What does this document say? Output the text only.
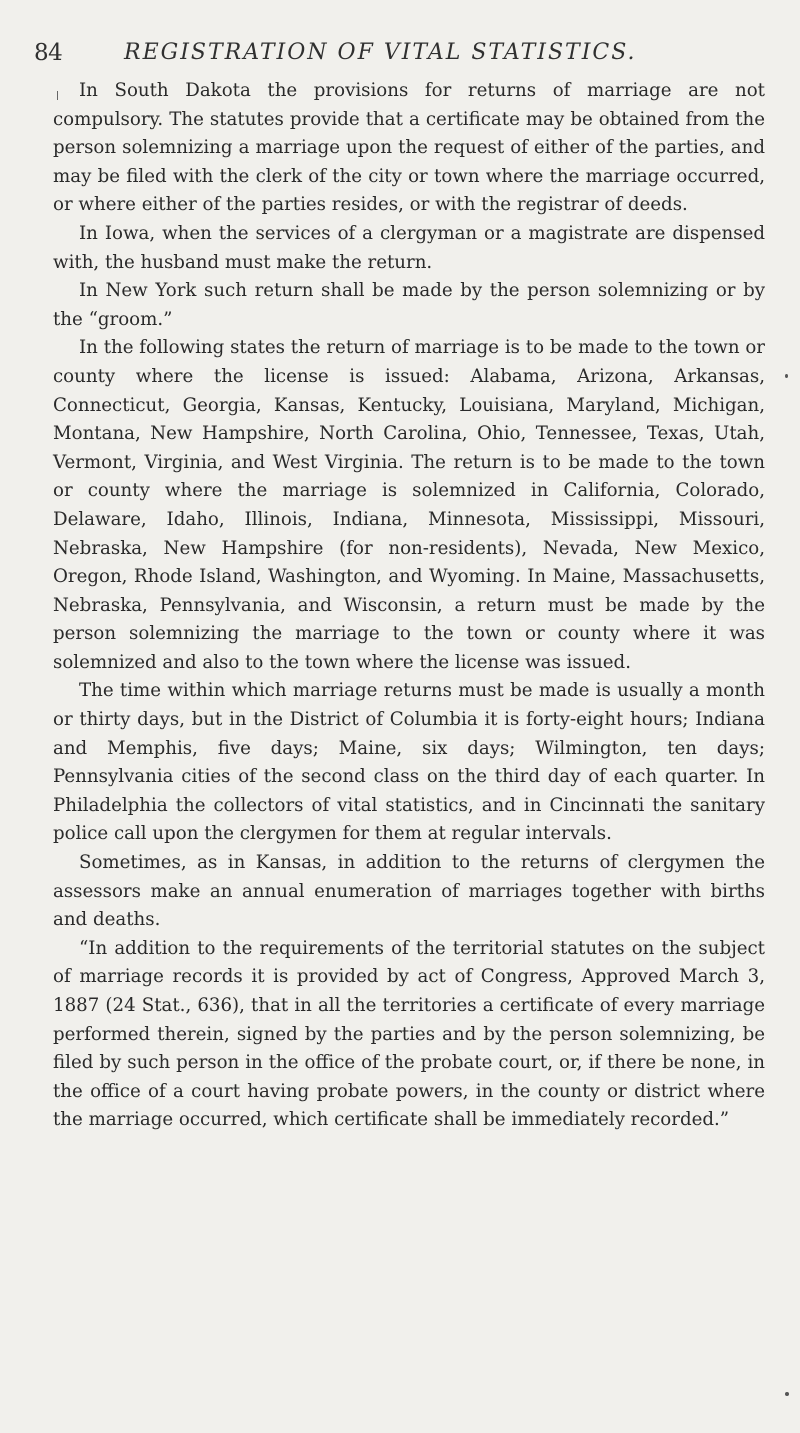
84	REGISTRATION OF VITAL STATISTICS.

In South Dakota the provisions for returns of marriage are not compulsory. The statutes provide that a certificate may be obtained from the person solemnizing a marriage upon the request of either of the parties, and may be filed with the clerk of the city or town where the marriage occurred, or where either of the parties resides, or with the registrar of deeds.

In Iowa, when the services of a clergyman or a magistrate are dispensed with, the husband must make the return.

In New York such return shall be made by the person solemnizing or by the “groom.”

In the following states the return of marriage is to be made to the town or county where the license is issued: Alabama, Arizona, Arkansas, Connecticut, Georgia, Kansas, Kentucky, Louisiana, Maryland, Michigan, Montana, New Hampshire, North Carolina, Ohio, Tennessee, Texas, Utah, Vermont, Virginia, and West Virginia. The return is to be made to the town or county where the marriage is solemnized in California, Colorado, Delaware, Idaho, Illinois, Indiana, Minnesota, Mississippi, Missouri, Nebraska, New Hampshire (for non-residents), Nevada, New Mexico, Oregon, Rhode Island, Washington, and Wyoming. In Maine, Massachusetts, Nebraska, Pennsylvania, and Wisconsin, a return must be made by the person solemnizing the marriage to the town or county where it was solemnized and also to the town where the license was issued.

The time within which marriage returns must be made is usually a month or thirty days, but in the District of Columbia it is forty-eight hours; Indiana and Memphis, five days; Maine, six days; Wilmington, ten days; Pennsylvania cities of the second class on the third day of each quarter. In Philadelphia the collectors of vital statistics, and in Cincinnati the sanitary police call upon the clergymen for them at regular intervals.

Sometimes, as in Kansas, in addition to the returns of clergymen the assessors make an annual enumeration of marriages together with births and deaths.

“In addition to the requirements of the territorial statutes on the subject of marriage records it is provided by act of Congress, Approved March 3, 1887 (24 Stat., 636), that in all the territories a certificate of every marriage performed therein, signed by the parties and by the person solemnizing, be filed by such person in the office of the probate court, or, if there be none, in the office of a court having probate powers, in the county or district where the marriage occurred, which certificate shall be immediately recorded.”
